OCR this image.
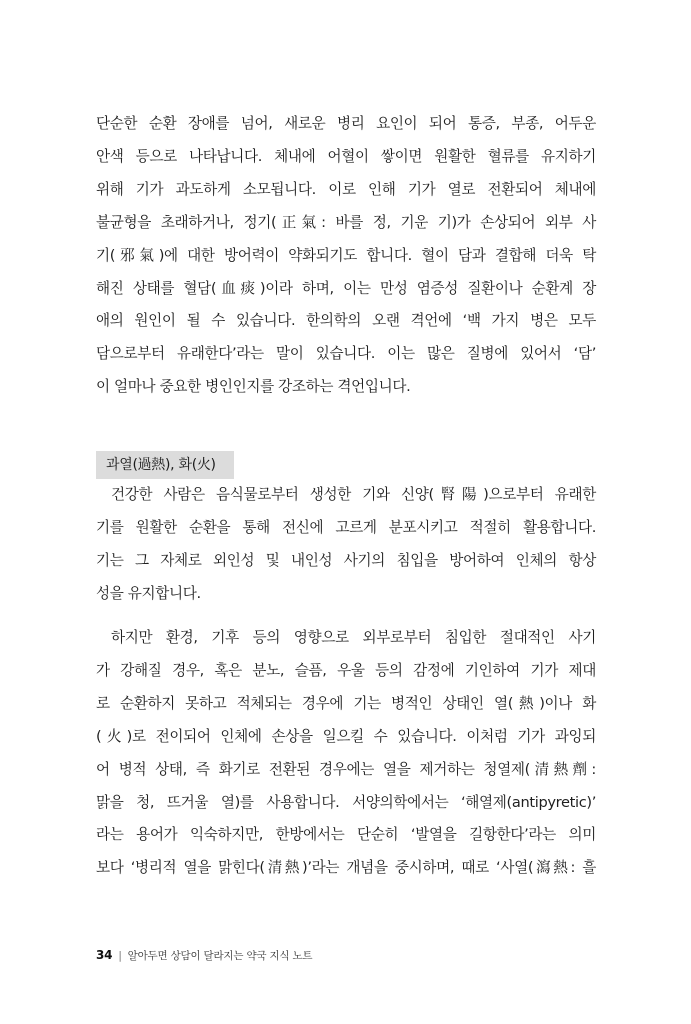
단순한 순환 장애를 넘어, 새로운 병리 요인이 되어 통증, 부종, 어두운
안색 등으로 나타납니다. 체내에 어혈이 쌓이면 원활한 혈류를 유지하기
위해 기가 과도하게 소모됩니다. 이로 인해 기가 열로 전환되어 체내에
불균형을 초래하거나, 정기(正氣: 바를 정, 기운 기)가 손상되어 외부 사
기(邪氣)에 대한 방어력이 약화되기도 합니다. 혈이 담과 결합해 더욱 탁
해진 상태를 혈담(血痰)이라 하며, 이는 만성 염증성 질환이나 순환계 장
애의 원인이 될 수 있습니다. 한의학의 오랜 격언에 ‘백 가지 병은 모두
담으로부터 유래한다’라는 말이 있습니다. 이는 많은 질병에 있어서 ‘담’
이 얼마나 중요한 병인인지를 강조하는 격언입니다.
과열(過熱), 화(火)
건강한 사람은 음식물로부터 생성한 기와 신양(腎陽)으로부터 유래한
기를 원활한 순환을 통해 전신에 고르게 분포시키고 적절히 활용합니다.
기는 그 자체로 외인성 및 내인성 사기의 침입을 방어하여 인체의 항상
성을 유지합니다.
하지만 환경, 기후 등의 영향으로 외부로부터 침입한 절대적인 사기
가 강해질 경우, 혹은 분노, 슬픔, 우울 등의 감정에 기인하여 기가 제대
로 순환하지 못하고 적체되는 경우에 기는 병적인 상태인 열(熱)이나 화
(火)로 전이되어 인체에 손상을 일으킬 수 있습니다. 이처럼 기가 과잉되
어 병적 상태, 즉 화기로 전환된 경우에는 열을 제거하는 청열제(清熱劑:
맑을 청, 뜨거울 열)를 사용합니다. 서양의학에서는 ‘해열제(antipyretic)’
라는 용어가 익숙하지만, 한방에서는 단순히 ‘발열을 길항한다’라는 의미
보다 ‘병리적 열을 맑힌다(清熱)’라는 개념을 중시하며, 때로 ‘사열(瀉熱: 흘
34 | 알아두면 상담이 달라지는 약국 지식 노트
